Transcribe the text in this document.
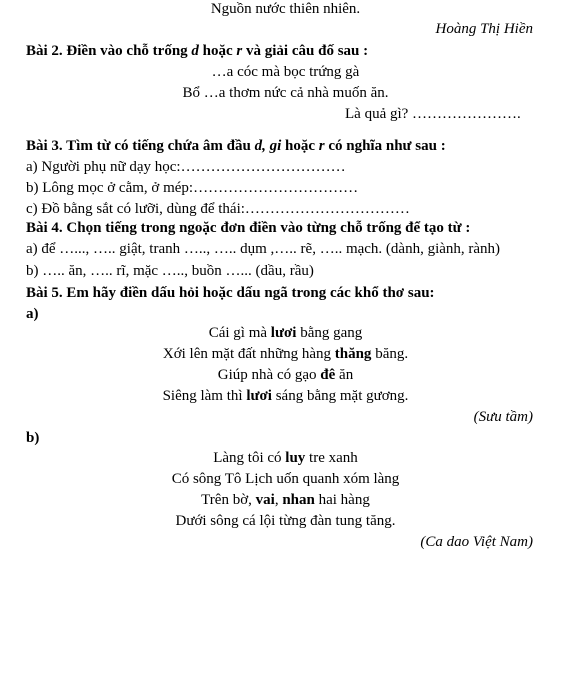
Nguồn nước thiên nhiên.
Hoàng Thị Hiền
Bài 2. Điền vào chỗ trống d hoặc r và giải câu đố sau :
…a cóc mà bọc trứng gà
Bổ …a thơm nức cả nhà muốn ăn.
Là quả gì? ………………….
Bài 3. Tìm từ có tiếng chứa âm đầu d, gi hoặc r có nghĩa như sau :
a) Người phụ nữ dạy học:……………………………
b) Lông mọc ở cằm, ở mép:……………………………
c) Đồ bằng sắt có lưỡi, dùng để thái:……………………………
Bài 4. Chọn tiếng trong ngoặc đơn điền vào từng chỗ trống để tạo từ :
a) để …..., ….. giật, tranh ….., ….. dụm ,….. rẽ, ….. mạch. (dành, giành, rành)
b) ….. ăn, ….. rĩ, mặc ….., buồn …... (dầu, rầu)
Bài 5. Em hãy điền dấu hỏi hoặc dấu ngã trong các khổ thơ sau:
a)
Cái gì mà lươi bằng gang
Xới lên mặt đất những hàng thăng băng.
Giúp nhà có gạo đê ăn
Siêng làm thì lươi sáng bằng mặt gương.
(Sưu tầm)
b)
Làng tôi có luy tre xanh
Có sông Tô Lịch uốn quanh xóm làng
Trên bờ, vai, nhan hai hàng
Dưới sông cá lội từng đàn tung tăng.
(Ca dao Việt Nam)
